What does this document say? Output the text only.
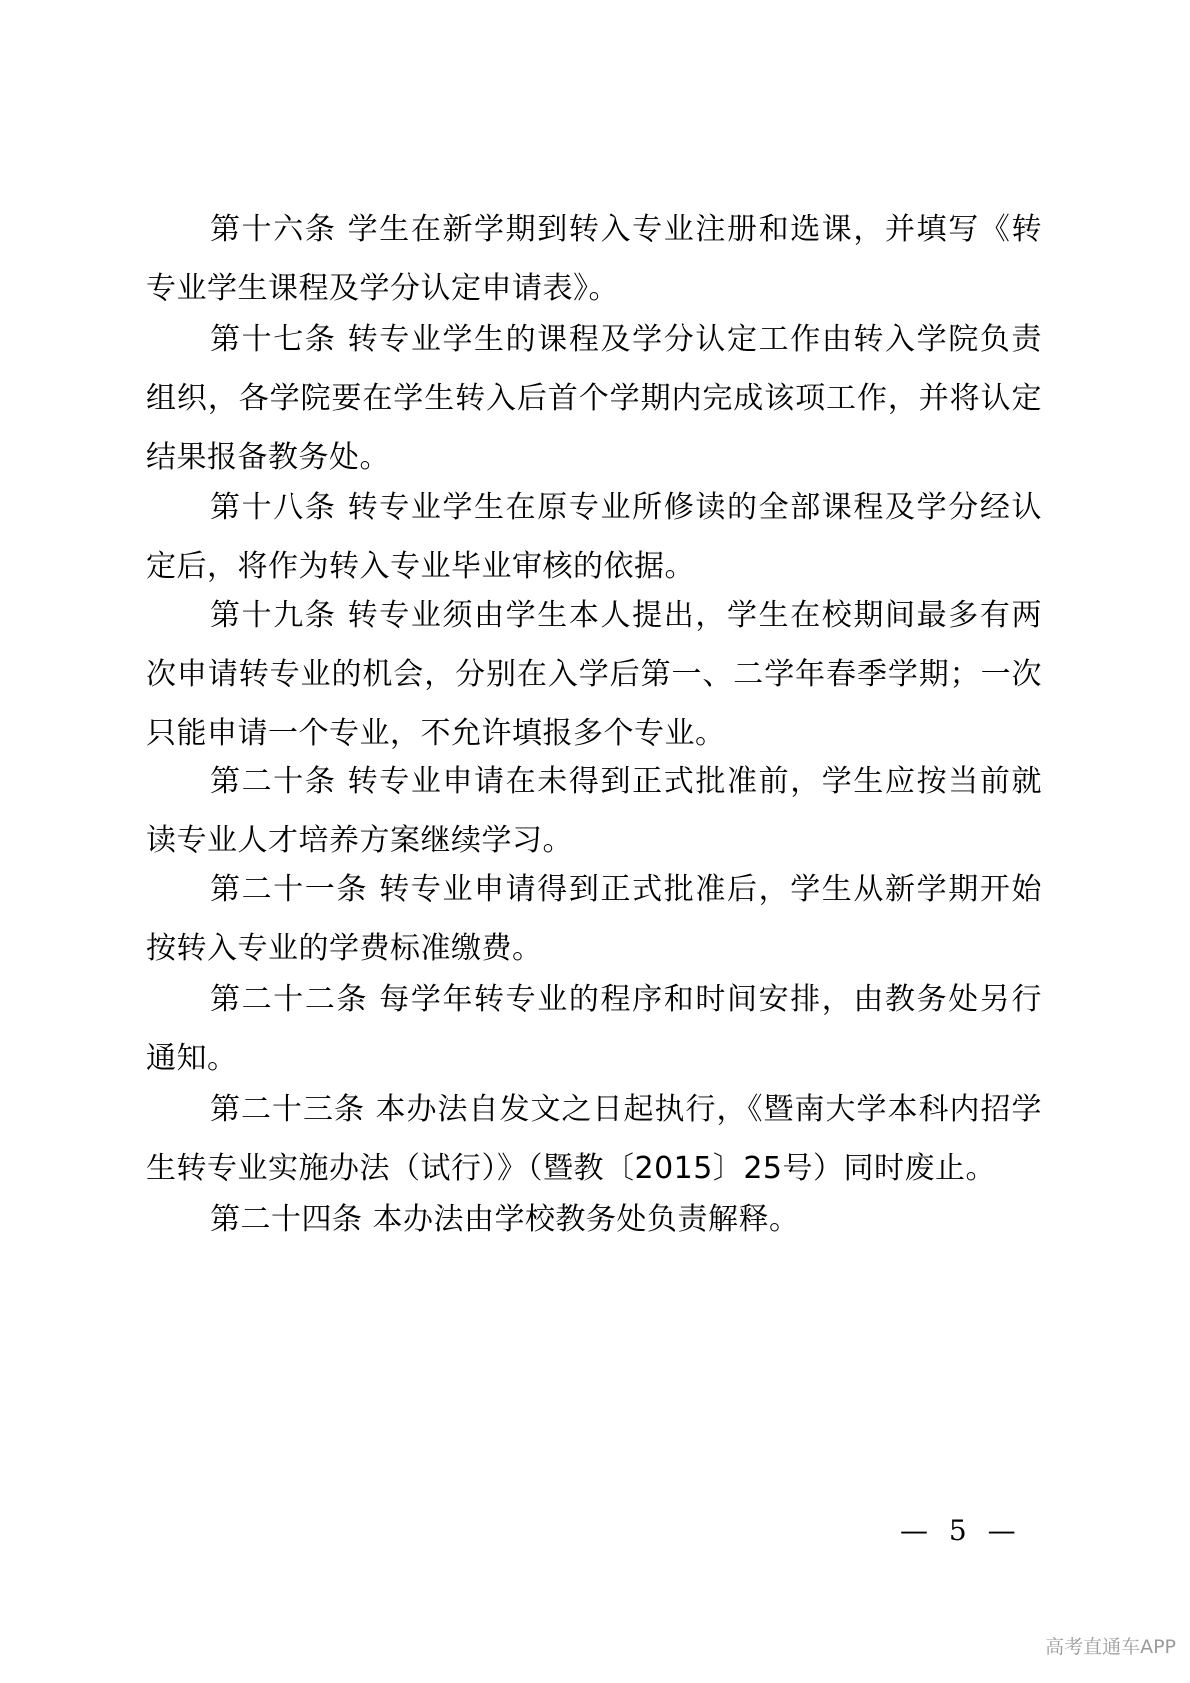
第十六条 学生在新学期到转入专业注册和选课，并填写《转专业学生课程及学分认定申请表》。

第十七条 转专业学生的课程及学分认定工作由转入学院负责组织，各学院要在学生转入后首个学期内完成该项工作，并将认定结果报备教务处。

第十八条 转专业学生在原专业所修读的全部课程及学分经认定后，将作为转入专业毕业审核的依据。

第十九条 转专业须由学生本人提出，学生在校期间最多有两次申请转专业的机会，分别在入学后第一、二学年春季学期；一次只能申请一个专业，不允许填报多个专业。

第二十条 转专业申请在未得到正式批准前，学生应按当前就读专业人才培养方案继续学习。

第二十一条 转专业申请得到正式批准后，学生从新学期开始按转入专业的学费标准缴费。

第二十二条 每学年转专业的程序和时间安排，由教务处另行通知。

第二十三条 本办法自发文之日起执行，《暨南大学本科内招学生转专业实施办法（试行）》（暨教〔2015〕25号）同时废止。

第二十四条 本办法由学校教务处负责解释。

— 5 —
高考直通车APP
